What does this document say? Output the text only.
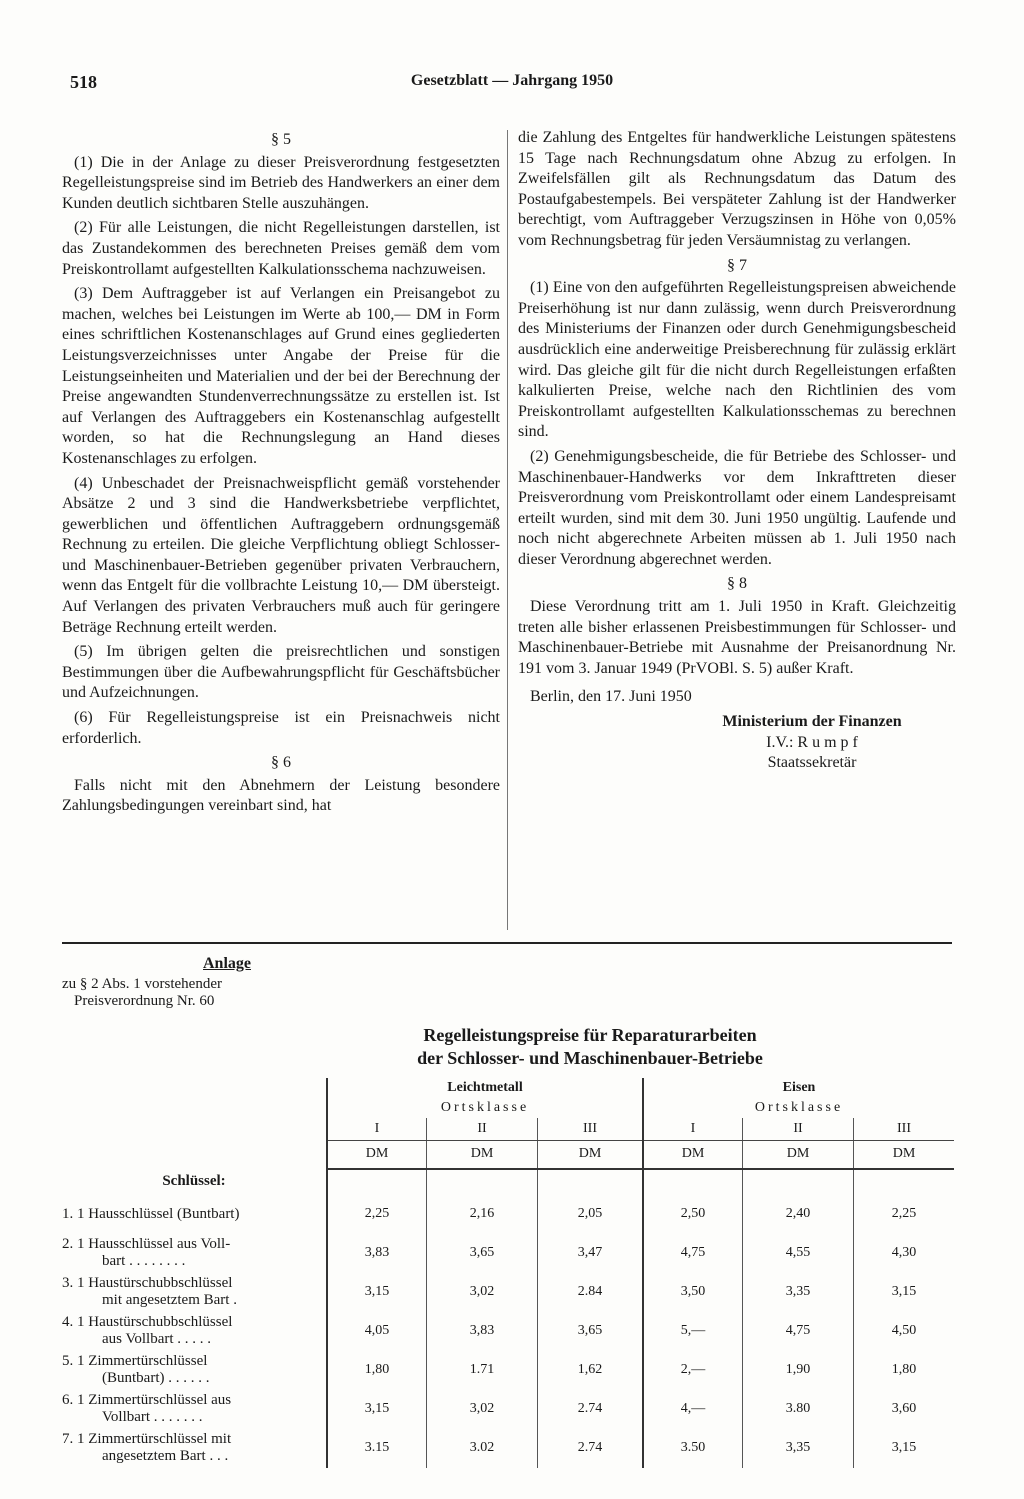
518	Gesetzblatt — Jahrgang 1950
§ 5

(1) Die in der Anlage zu dieser Preisverordnung festgesetzten Regelleistungspreise sind im Betrieb des Handwerkers an einer dem Kunden deutlich sichtbaren Stelle auszuhängen.

(2) Für alle Leistungen, die nicht Regelleistungen darstellen, ist das Zustandekommen des berechneten Preises gemäß dem vom Preiskontrollamt aufgestellten Kalkulationsschema nachzuweisen.

(3) Dem Auftraggeber ist auf Verlangen ein Preisangebot zu machen, welches bei Leistungen im Werte ab 100,— DM in Form eines schriftlichen Kostenanschlages auf Grund eines gegliederten Leistungsverzeichnisses unter Angabe der Preise für die Leistungseinheiten und Materialien und der bei der Berechnung der Preise angewandten Stundenverrechnungssätze zu erstellen ist. Ist auf Verlangen des Auftraggebers ein Kostenanschlag aufgestellt worden, so hat die Rechnungslegung an Hand dieses Kostenanschlages zu erfolgen.

(4) Unbeschadet der Preisnachweispflicht gemäß vorstehender Absätze 2 und 3 sind die Handwerksbetriebe verpflichtet, gewerblichen und öffentlichen Auftraggebern ordnungsgemäß Rechnung zu erteilen. Die gleiche Verpflichtung obliegt Schlosser- und Maschinenbauer-Betrieben gegenüber privaten Verbrauchern, wenn das Entgelt für die vollbrachte Leistung 10,— DM übersteigt. Auf Verlangen des privaten Verbrauchers muß auch für geringere Beträge Rechnung erteilt werden.

(5) Im übrigen gelten die preisrechtlichen und sonstigen Bestimmungen über die Aufbewahrungspflicht für Geschäftsbücher und Aufzeichnungen.

(6) Für Regelleistungspreise ist ein Preisnachweis nicht erforderlich.

§ 6

Falls nicht mit den Abnehmern der Leistung besondere Zahlungsbedingungen vereinbart sind, hat

die Zahlung des Entgeltes für handwerkliche Leistungen spätestens 15 Tage nach Rechnungsdatum ohne Abzug zu erfolgen. In Zweifelsfällen gilt als Rechnungsdatum das Datum des Postaufgabestempels. Bei verspäteter Zahlung ist der Handwerker berechtigt, vom Auftraggeber Verzugszinsen in Höhe von 0,05% vom Rechnungsbetrag für jeden Versäumnistag zu verlangen.

§ 7

(1) Eine von den aufgeführten Regelleistungspreisen abweichende Preiserhöhung ist nur dann zulässig, wenn durch Preisverordnung des Ministeriums der Finanzen oder durch Genehmigungsbescheid ausdrücklich eine anderweitige Preisberechnung für zulässig erklärt wird. Das gleiche gilt für die nicht durch Regelleistungen erfaßten kalkulierten Preise, welche nach den Richtlinien des vom Preiskontrollamt aufgestellten Kalkulationsschemas zu berechnen sind.

(2) Genehmigungsbescheide, die für Betriebe des Schlosser- und Maschinenbauer-Handwerks vor dem Inkrafttreten dieser Preisverordnung vom Preiskontrollamt oder einem Landespreisamt erteilt wurden, sind mit dem 30. Juni 1950 ungültig. Laufende und noch nicht abgerechnete Arbeiten müssen ab 1. Juli 1950 nach dieser Verordnung abgerechnet werden.

§ 8

Diese Verordnung tritt am 1. Juli 1950 in Kraft. Gleichzeitig treten alle bisher erlassenen Preisbestimmungen für Schlosser- und Maschinenbauer-Betriebe mit Ausnahme der Preisanordnung Nr. 191 vom 3. Januar 1949 (PrVOBl. S. 5) außer Kraft.

Berlin, den 17. Juni 1950

Ministerium der Finanzen
I.V.: R u m p f
Staatssekretär
Anlage
zu § 2 Abs. 1 vorstehender
Preisverordnung Nr. 60
Regelleistungspreise für Reparaturarbeiten
der Schlosser- und Maschinenbauer-Betriebe
	Leichtmetall			Eisen		
	Ortsklasse			Ortsklasse		
	I	II	III	I	II	III
	DM	DM	DM	DM	DM	DM
Schlüssel:						

1. 1 Hausschlüssel (Buntbart)	2,25	2,16	2,05	2,50	2,40	2,25

2. 1 Hausschlüssel aus Voll-
bart . . . . . . . .	3,83	3,65	3,47	4,75	4,55	4,30

3. 1 Haustürschubbschlüssel
mit angesetztem Bart .	3,15	3,02	2.84	3,50	3,35	3,15

4. 1 Haustürschubbschlüssel
aus Vollbart . . . . .	4,05	3,83	3,65	5,—	4,75	4,50

5. 1 Zimmertürschlüssel
(Buntbart) . . . . . .	1,80	1.71	1,62	2,—	1,90	1,80

6. 1 Zimmertürschlüssel aus
Vollbart . . . . . . .	3,15	3,02	2.74	4,—	3.80	3,60

7. 1 Zimmertürschlüssel mit
angesetztem Bart . . .	3.15	3.02	2.74	3.50	3,35	3,15
